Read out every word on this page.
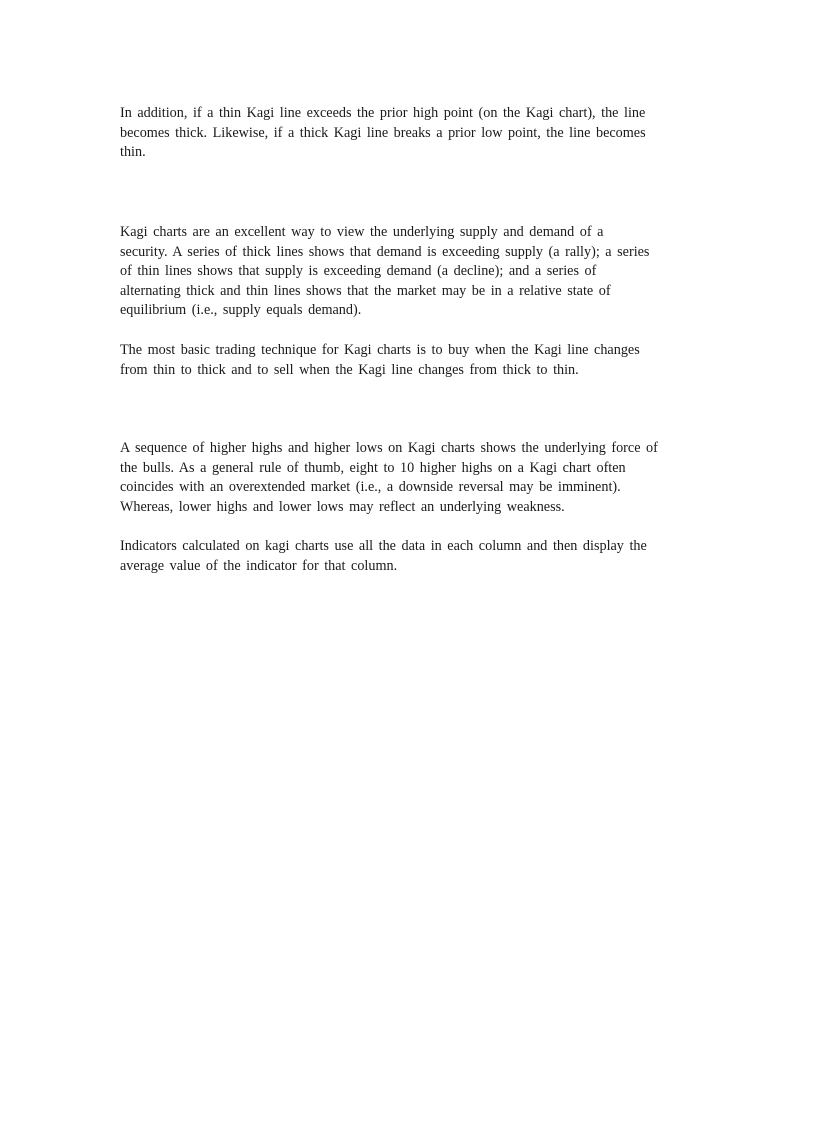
In addition, if a thin Kagi line exceeds the prior high point (on the Kagi chart), the line
becomes thick. Likewise, if a thick Kagi line breaks a prior low point, the line becomes
thin.

Kagi charts are an excellent way to view the underlying supply and demand of a
security. A series of thick lines shows that demand is exceeding supply (a rally); a series
of thin lines shows that supply is exceeding demand (a decline); and a series of
alternating thick and thin lines shows that the market may be in a relative state of
equilibrium (i.e., supply equals demand).

The most basic trading technique for Kagi charts is to buy when the Kagi line changes
from thin to thick and to sell when the Kagi line changes from thick to thin.

A sequence of higher highs and higher lows on Kagi charts shows the underlying force of
the bulls. As a general rule of thumb, eight to 10 higher highs on a Kagi chart often
coincides with an overextended market (i.e., a downside reversal may be imminent).
Whereas, lower highs and lower lows may reflect an underlying weakness.

Indicators calculated on kagi charts use all the data in each column and then display the
average value of the indicator for that column.
